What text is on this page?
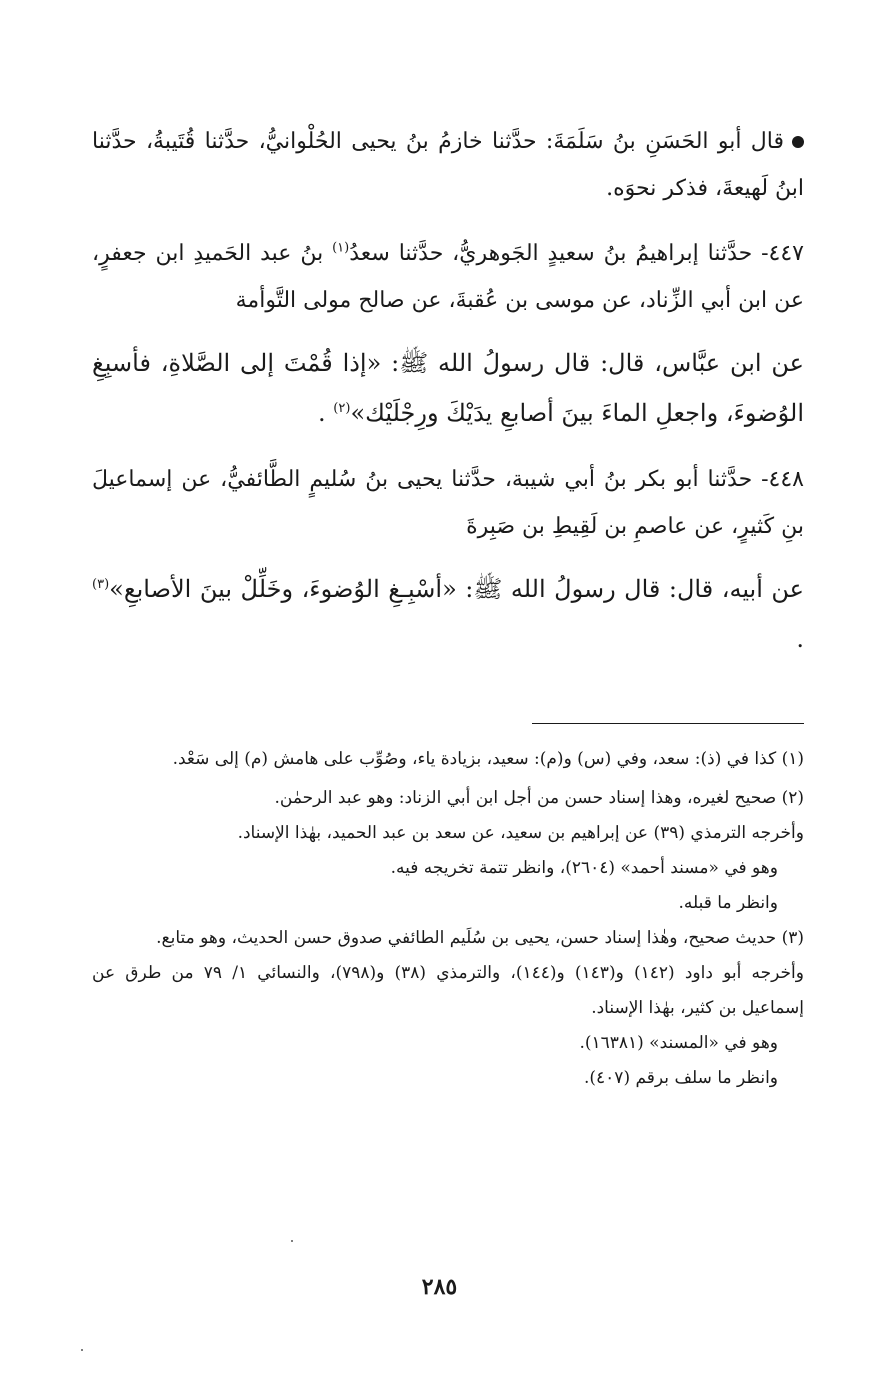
قال أبو الحَسَنِ بنُ سَلَمَةَ: حدَّثنا خازمُ بنُ يحيى الحُلْوانيُّ، حدَّثنا قُتَيبةُ، حدَّثنا ابنُ لَهيعةَ، فذكر نحوَه.

٤٤٧- حدَّثنا إبراهيمُ بنُ سعيدٍ الجَوهريُّ، حدَّثنا سعدُ$^{(١)}$ بنُ عبد الحَميدِ ابن جعفرٍ، عن ابن أبي الزِّناد، عن موسى بن عُقبةَ، عن صالح مولى التَّوأمة

عن ابن عبَّاس، قال: قال رسولُ الله ﷺ: «إذا قُمْتَ إلى الصَّلاةِ، فأسبِغِ الوُضوءَ، واجعلِ الماءَ بينَ أصابعِ يدَيْكَ ورِجْلَيْك»$^{(٢)}$ .

٤٤٨- حدَّثنا أبو بكر بنُ أبي شيبة، حدَّثنا يحيى بنُ سُليمٍ الطَّائفيُّ، عن إسماعيلَ بنِ كَثيرٍ، عن عاصمِ بن لَقِيطِ بن صَبِرةَ

عن أبيه، قال: قال رسولُ الله ﷺ: «أسْبِـغِ الوُضوءَ، وخَلِّلْ بينَ الأصابعِ»$^{(٣)}$ .

(١) كذا في (ذ): سعد، وفي (س) و(م): سعيد، بزيادة ياء، وصُوِّب على هامش (م) إلى سَعْد.

(٢) صحيح لغيره، وهذا إسناد حسن من أجل ابن أبي الزناد: وهو عبد الرحمٰن.

وأخرجه الترمذي (٣٩) عن إبراهيم بن سعيد، عن سعد بن عبد الحميد، بهٰذا الإسناد.

وهو في «مسند أحمد» (٢٦٠٤)، وانظر تتمة تخريجه فيه.

وانظر ما قبله.

(٣) حديث صحيح، وهٰذا إسناد حسن، يحيى بن سُلَيم الطائفي صدوق حسن الحديث، وهو متابع.

وأخرجه أبو داود (١٤٢) و(١٤٣) و(١٤٤)، والترمذي (٣٨) و(٧٩٨)، والنسائي ١/ ٧٩ من طرق عن إسماعيل بن كثير، بهٰذا الإسناد.

وهو في «المسند» (١٦٣٨١).

وانظر ما سلف برقم (٤٠٧).

٢٨٥
